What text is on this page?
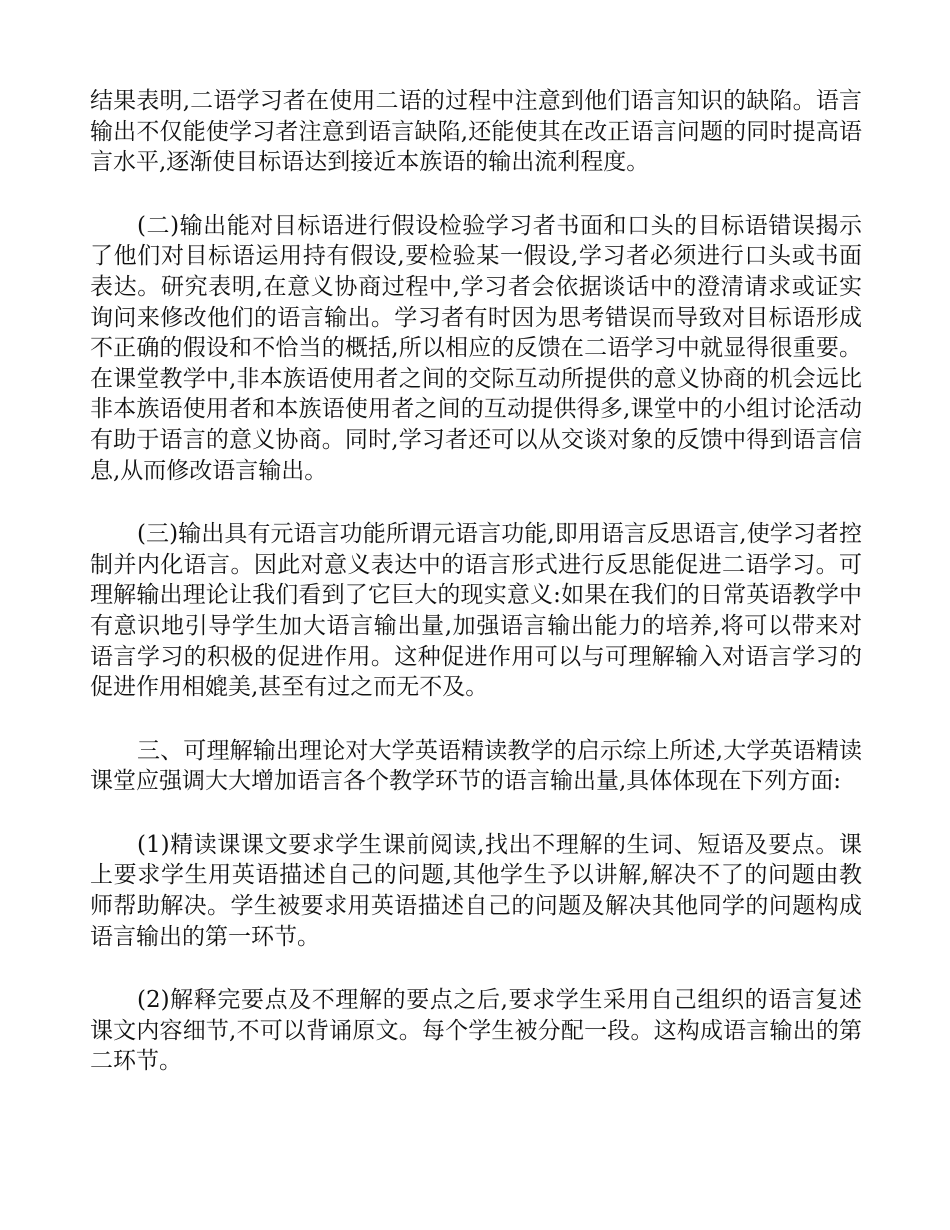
结果表明,二语学习者在使用二语的过程中注意到他们语言知识的缺陷。语言输出不仅能使学习者注意到语言缺陷,还能使其在改正语言问题的同时提高语言水平,逐渐使目标语达到接近本族语的输出流利程度。

(二)输出能对目标语进行假设检验学习者书面和口头的目标语错误揭示了他们对目标语运用持有假设,要检验某一假设,学习者必须进行口头或书面表达。研究表明,在意义协商过程中,学习者会依据谈话中的澄清请求或证实询问来修改他们的语言输出。学习者有时因为思考错误而导致对目标语形成不正确的假设和不恰当的概括,所以相应的反馈在二语学习中就显得很重要。在课堂教学中,非本族语使用者之间的交际互动所提供的意义协商的机会远比非本族语使用者和本族语使用者之间的互动提供得多,课堂中的小组讨论活动有助于语言的意义协商。同时,学习者还可以从交谈对象的反馈中得到语言信息,从而修改语言输出。

(三)输出具有元语言功能所谓元语言功能,即用语言反思语言,使学习者控制并内化语言。因此对意义表达中的语言形式进行反思能促进二语学习。可理解输出理论让我们看到了它巨大的现实意义:如果在我们的日常英语教学中有意识地引导学生加大语言输出量,加强语言输出能力的培养,将可以带来对语言学习的积极的促进作用。这种促进作用可以与可理解输入对语言学习的促进作用相媲美,甚至有过之而无不及。

三、可理解输出理论对大学英语精读教学的启示综上所述,大学英语精读课堂应强调大大增加语言各个教学环节的语言输出量,具体体现在下列方面:

(1)精读课课文要求学生课前阅读,找出不理解的生词、短语及要点。课上要求学生用英语描述自己的问题,其他学生予以讲解,解决不了的问题由教师帮助解决。学生被要求用英语描述自己的问题及解决其他同学的问题构成语言输出的第一环节。

(2)解释完要点及不理解的要点之后,要求学生采用自己组织的语言复述课文内容细节,不可以背诵原文。每个学生被分配一段。这构成语言输出的第二环节。
